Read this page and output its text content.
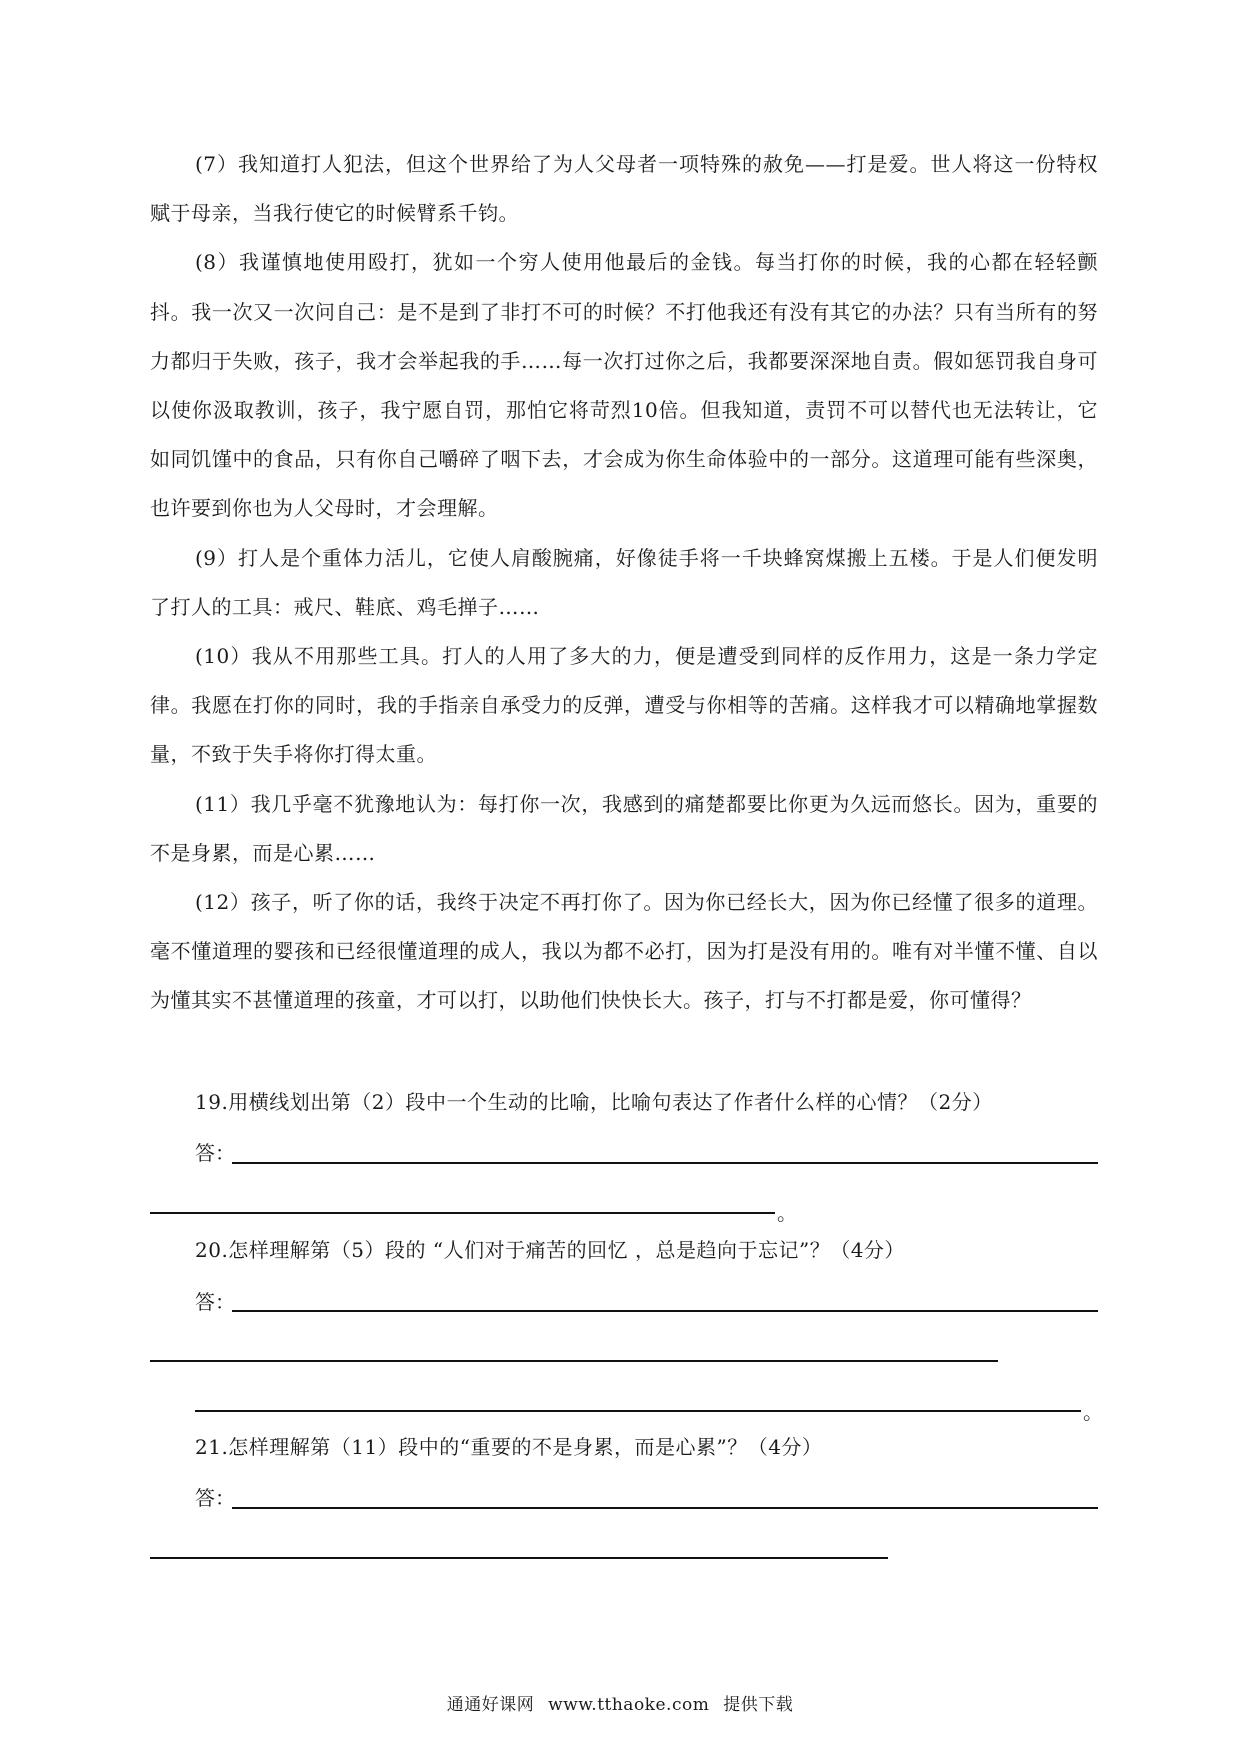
(7）我知道打人犯法，但这个世界给了为人父母者一项特殊的赦免——打是爱。世人将这一份特权赋于母亲，当我行使它的时候臂系千钧。

(8）我谨慎地使用殴打，犹如一个穷人使用他最后的金钱。每当打你的时候，我的心都在轻轻颤抖。我一次又一次问自己：是不是到了非打不可的时候？不打他我还有没有其它的办法？只有当所有的努力都归于失败，孩子，我才会举起我的手……每一次打过你之后，我都要深深地自责。假如惩罚我自身可以使你汲取教训，孩子，我宁愿自罚，那怕它将苛烈10倍。但我知道，责罚不可以替代也无法转让，它如同饥馑中的食品，只有你自己嚼碎了咽下去，才会成为你生命体验中的一部分。这道理可能有些深奥，也许要到你也为人父母时，才会理解。

(9）打人是个重体力活儿，它使人肩酸腕痛，好像徒手将一千块蜂窝煤搬上五楼。于是人们便发明了打人的工具：戒尺、鞋底、鸡毛掸子……

(10）我从不用那些工具。打人的人用了多大的力，便是遭受到同样的反作用力，这是一条力学定律。我愿在打你的同时，我的手指亲自承受力的反弹，遭受与你相等的苦痛。这样我才可以精确地掌握数量，不致于失手将你打得太重。

(11）我几乎毫不犹豫地认为：每打你一次，我感到的痛楚都要比你更为久远而悠长。因为，重要的不是身累，而是心累……

(12）孩子，听了你的话，我终于决定不再打你了。因为你已经长大，因为你已经懂了很多的道理。毫不懂道理的婴孩和已经很懂道理的成人，我以为都不必打，因为打是没有用的。唯有对半懂不懂、自以为懂其实不甚懂道理的孩童，才可以打，以助他们快快长大。孩子，打与不打都是爱，你可懂得？

19.用横线划出第（2）段中一个生动的比喻，比喻句表达了作者什么样的心情？（2分）
答：
。
20.怎样理解第（5）段的 “人们对于痛苦的回忆 ，总是趋向于忘记”？（4分）
答：
。
21.怎样理解第（11）段中的“重要的不是身累，而是心累”？（4分）
答：
通通好课网 www.tthaoke.com 提供下载
